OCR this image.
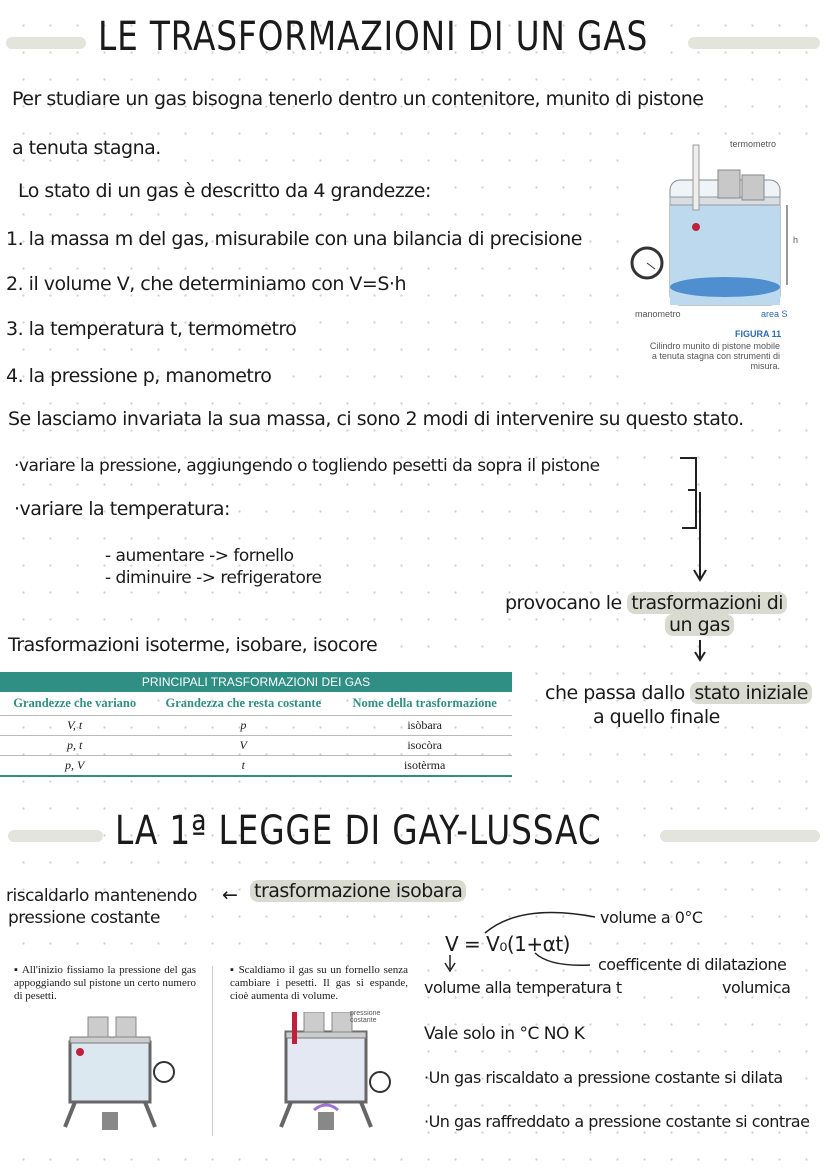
LE TRASFORMAZIONI DI UN GAS
Per studiare un gas bisogna tenerlo dentro un contenitore, munito di pistone
a tenuta stagna.
Lo stato di un gas è descritto da 4 grandezze:
1. la massa m del gas, misurabile con una bilancia di precisione
2. il volume V, che determiniamo con V=S·h
3. la temperatura t, termometro
4. la pressione p, manometro
Se lasciamo invariata la sua massa, ci sono 2 modi di intervenire su questo stato.
·variare la pressione, aggiungendo o togliendo pesetti da sopra il pistone
·variare la temperatura:
- aumentare -> fornello
- diminuire -> refrigeratore
Trasformazioni isoterme, isobare, isocore
provocano le trasformazioni di
un gas
che passa dallo stato iniziale
a quello finale
termometro
h
manometro	area S
FIGURA 11
Cilindro munito di pistone mobile a tenuta stagna con strumenti di misura.
PRINCIPALI TRASFORMAZIONI DEI GAS		
Grandezze che variano	Grandezza che resta costante	Nome della trasformazione
V, t	p	isòbara
p, t	V	isocòra
p, V	t	isotèrma
LA 1ª LEGGE DI GAY-LUSSAC
riscaldarlo mantenendo
pressione costante
← trasformazione isobara
V = V₀(1+αt)
volume a 0°C
coefficente di dilatazione
volumica
volume alla temperatura t
Vale solo in °C NO K
·Un gas riscaldato a pressione costante si dilata
·Un gas raffreddato a pressione costante si contrae
▪ All'inizio fissiamo la pressione del gas appoggiando sul pistone un certo numero di pesetti.
▪ Scaldiamo il gas su un fornello senza cambiare i pesetti. Il gas si espande, cioè aumenta di volume.
pressione costante
